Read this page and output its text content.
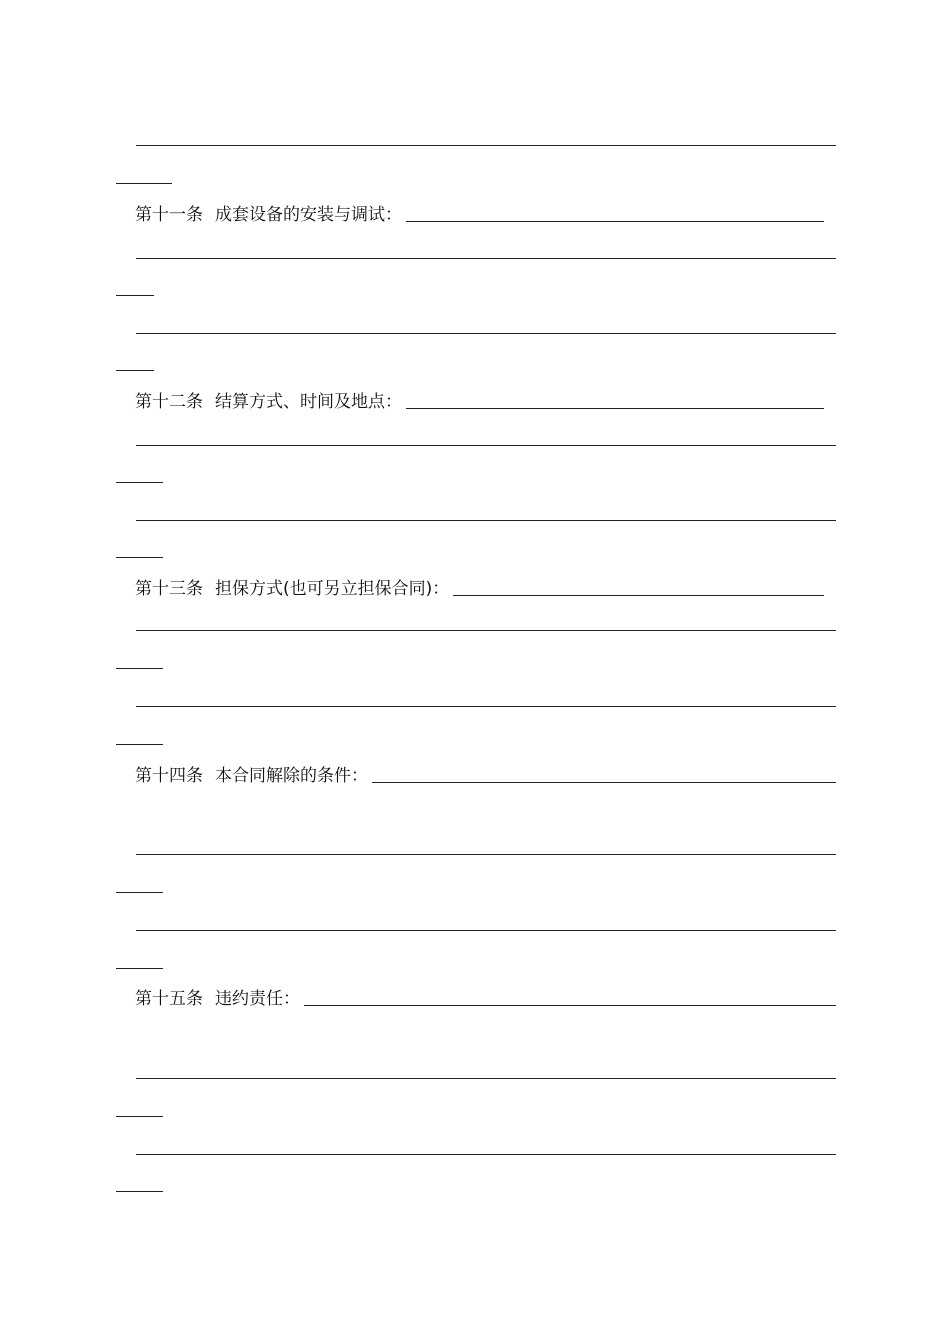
第十一条 成套设备的安装与调试：
第十二条 结算方式、时间及地点：
第十三条 担保方式(也可另立担保合同)：
第十四条 本合同解除的条件：
第十五条 违约责任：
